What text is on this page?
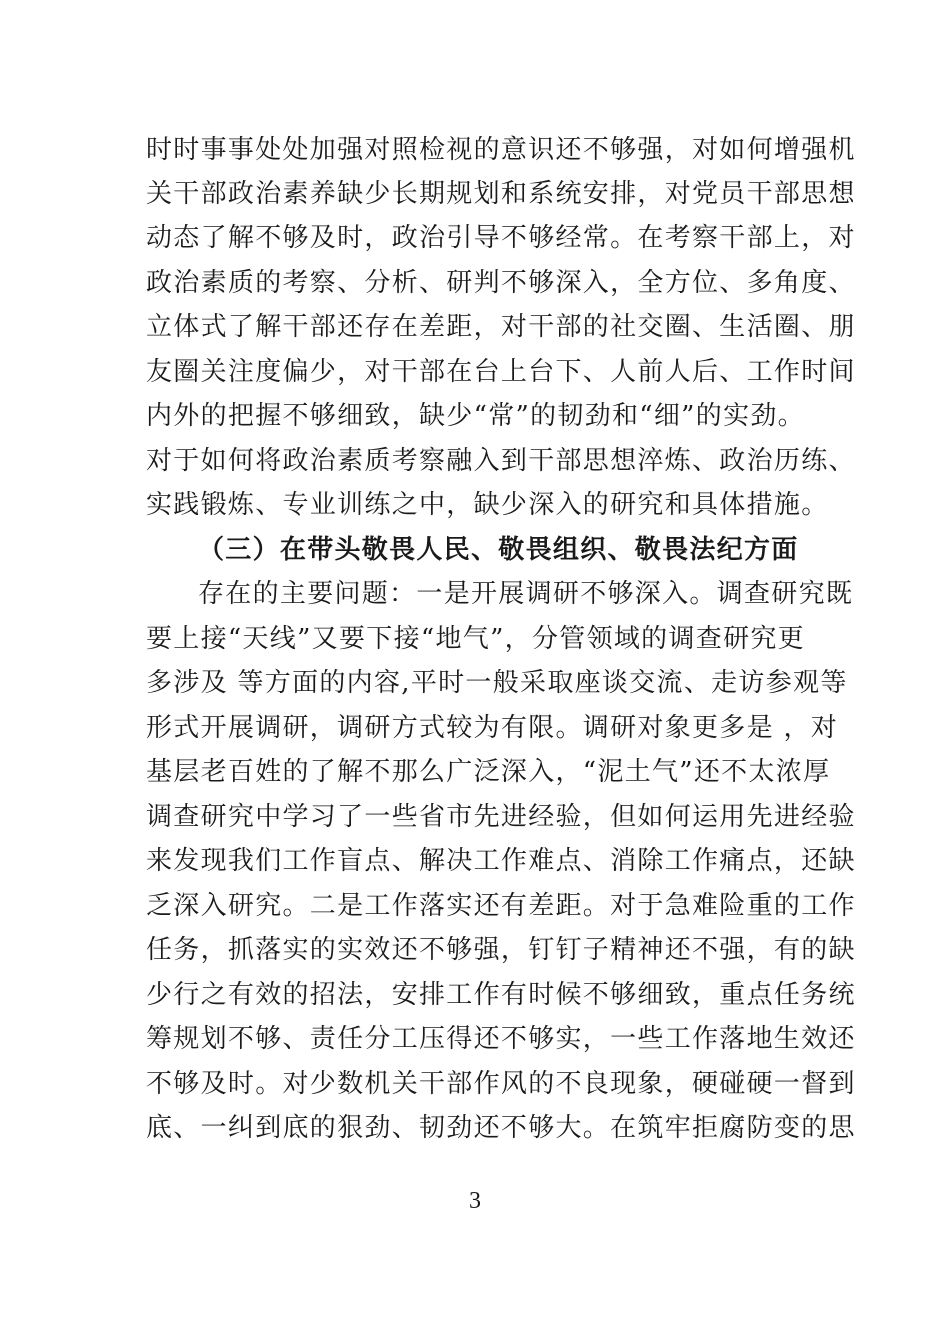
时时事事处处加强对照检视的意识还不够强，对如何增强机
关干部政治素养缺少长期规划和系统安排，对党员干部思想
动态了解不够及时，政治引导不够经常。在考察干部上，对
政治素质的考察、分析、研判不够深入，全方位、多角度、
立体式了解干部还存在差距，对干部的社交圈、生活圈、朋
友圈关注度偏少，对干部在台上台下、人前人后、工作时间
内外的把握不够细致，缺少“常”的韧劲和“细”的实劲。
对于如何将政治素质考察融入到干部思想淬炼、政治历练、
实践锻炼、专业训练之中，缺少深入的研究和具体措施。
（三）在带头敬畏人民、敬畏组织、敬畏法纪方面
存在的主要问题：一是开展调研不够深入。调查研究既
要上接“天线”又要下接“地气”，分管领域的调查研究更
多涉及 等方面的内容,平时一般采取座谈交流、走访参观等
形式开展调研，调研方式较为有限。调研对象更多是 ，对
基层老百姓的了解不那么广泛深入，“泥土气”还不太浓厚
调查研究中学习了一些省市先进经验，但如何运用先进经验
来发现我们工作盲点、解决工作难点、消除工作痛点，还缺
乏深入研究。二是工作落实还有差距。对于急难险重的工作
任务，抓落实的实效还不够强，钉钉子精神还不强，有的缺
少行之有效的招法，安排工作有时候不够细致，重点任务统
筹规划不够、责任分工压得还不够实，一些工作落地生效还
不够及时。对少数机关干部作风的不良现象，硬碰硬一督到
底、一纠到底的狠劲、韧劲还不够大。在筑牢拒腐防变的思
3
